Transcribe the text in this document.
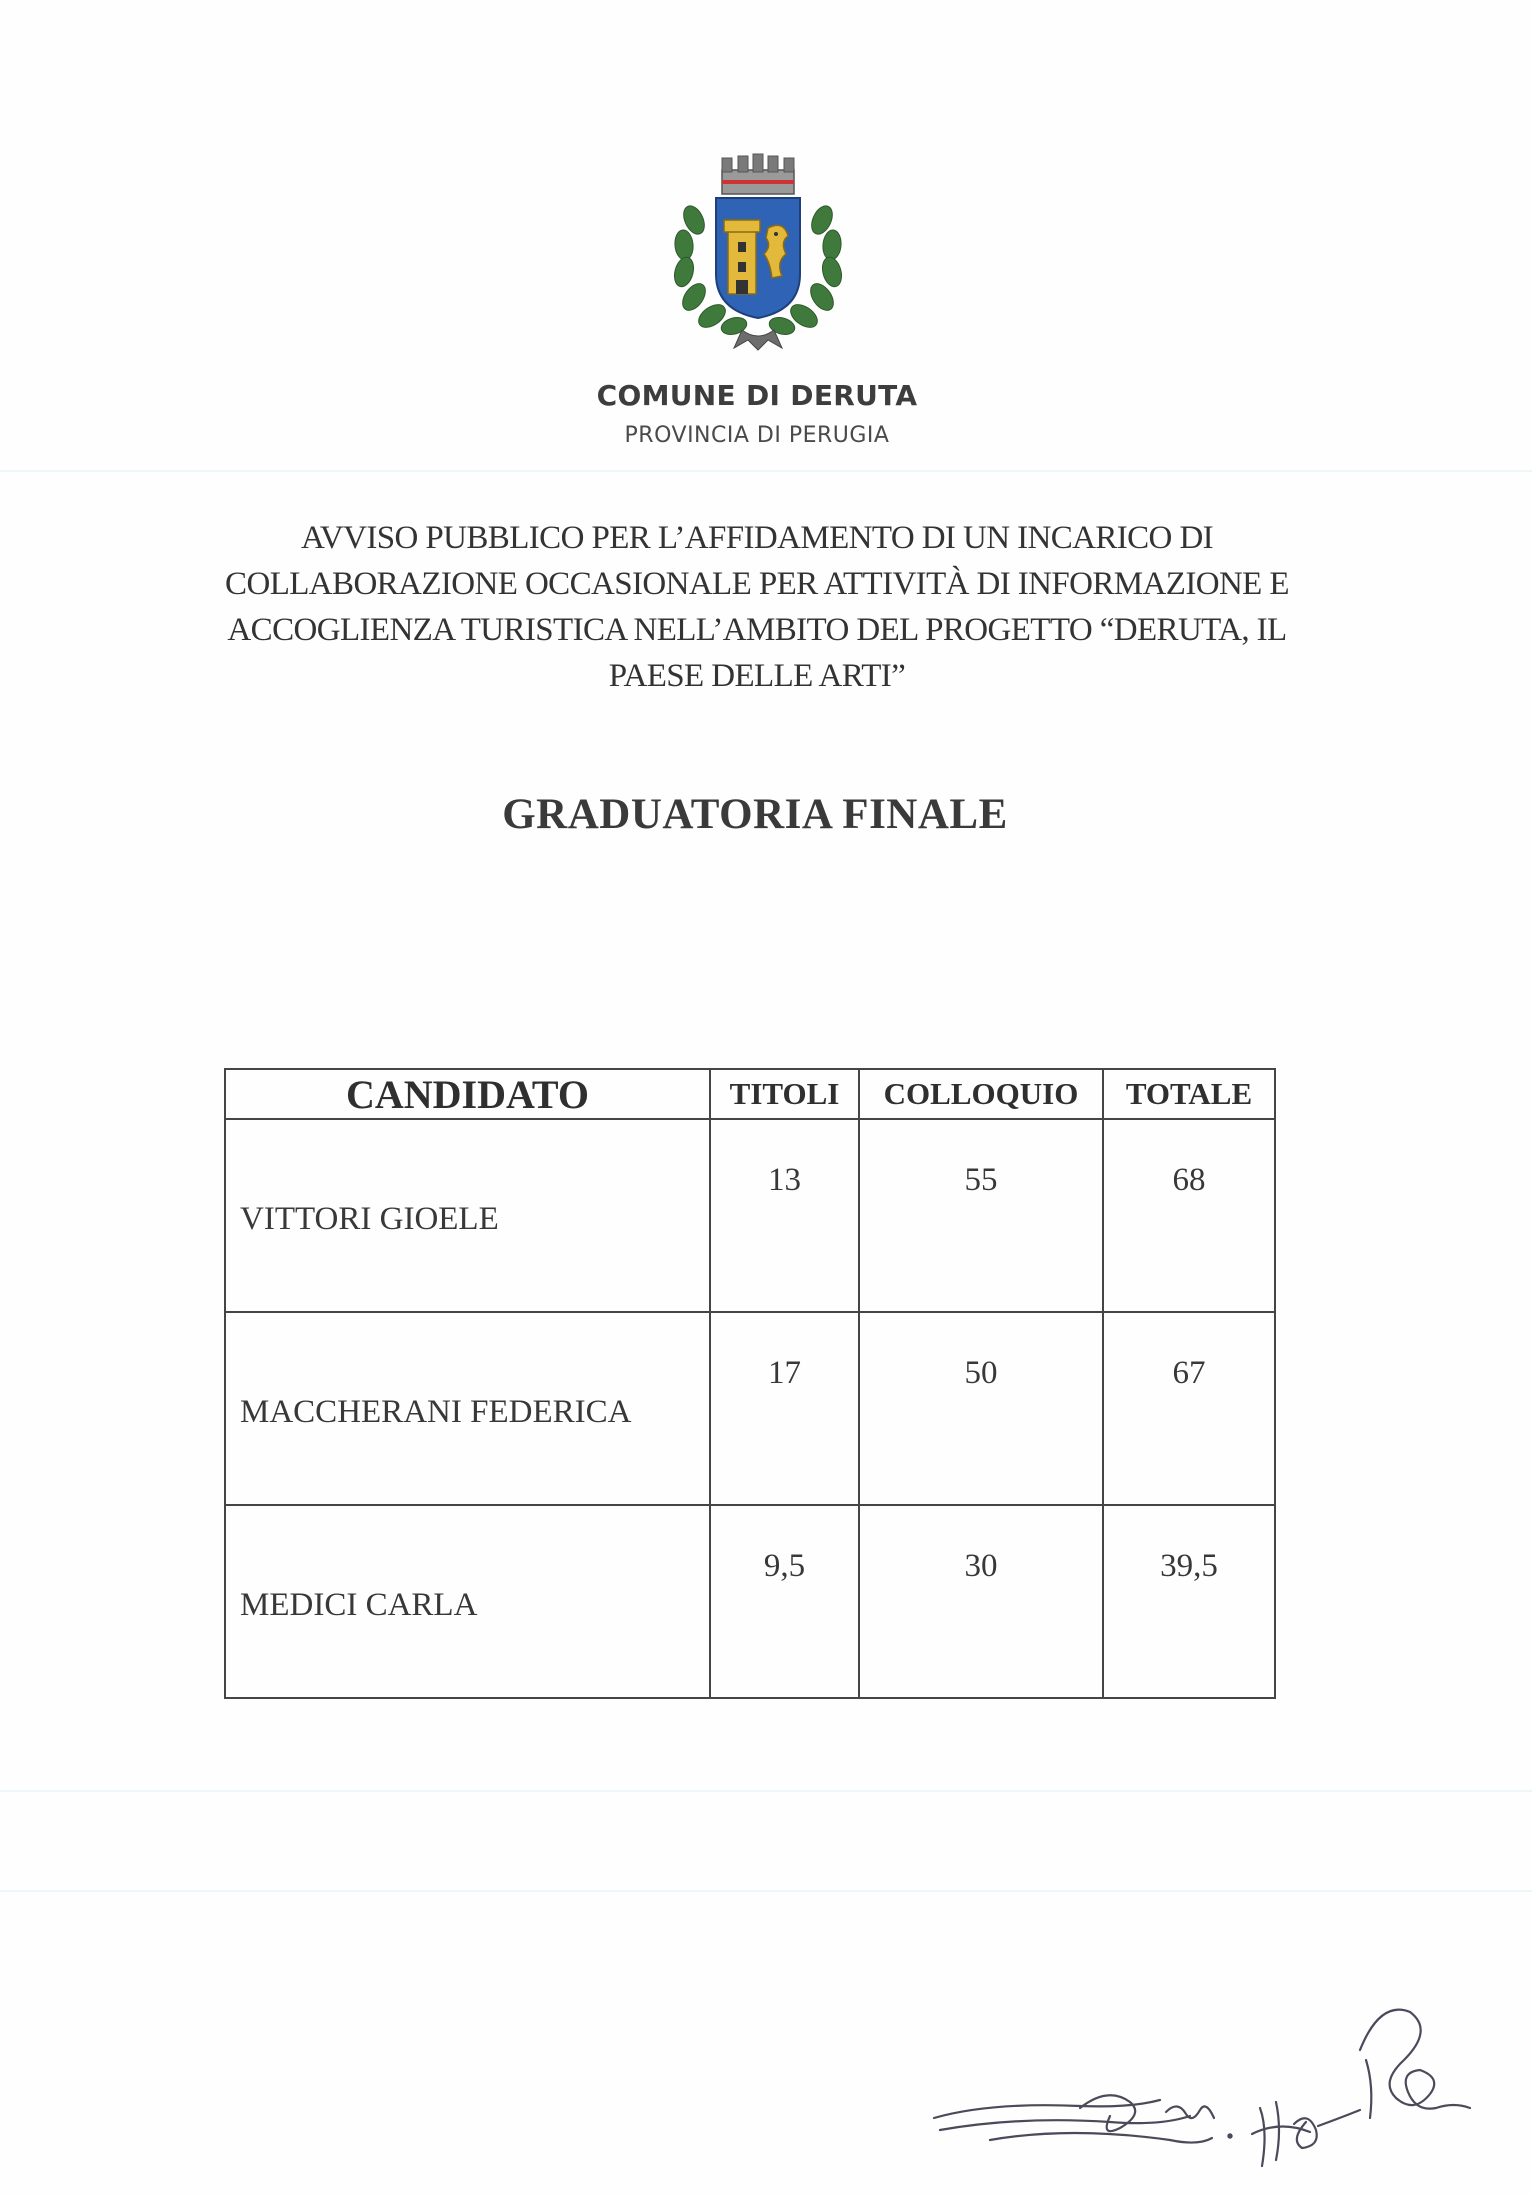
COMUNE DI DERUTA
PROVINCIA DI PERUGIA
AVVISO PUBBLICO PER L’AFFIDAMENTO DI UN INCARICO DI
COLLABORAZIONE OCCASIONALE PER ATTIVITÀ DI INFORMAZIONE E
ACCOGLIENZA TURISTICA NELL’AMBITO DEL PROGETTO “DERUTA, IL
PAESE DELLE ARTI”
GRADUATORIA FINALE
CANDIDATO	TITOLI	COLLOQUIO	TOTALE
VITTORI GIOELE	13	55	68
MACCHERANI FEDERICA	17	50	67
MEDICI CARLA	9,5	30	39,5
